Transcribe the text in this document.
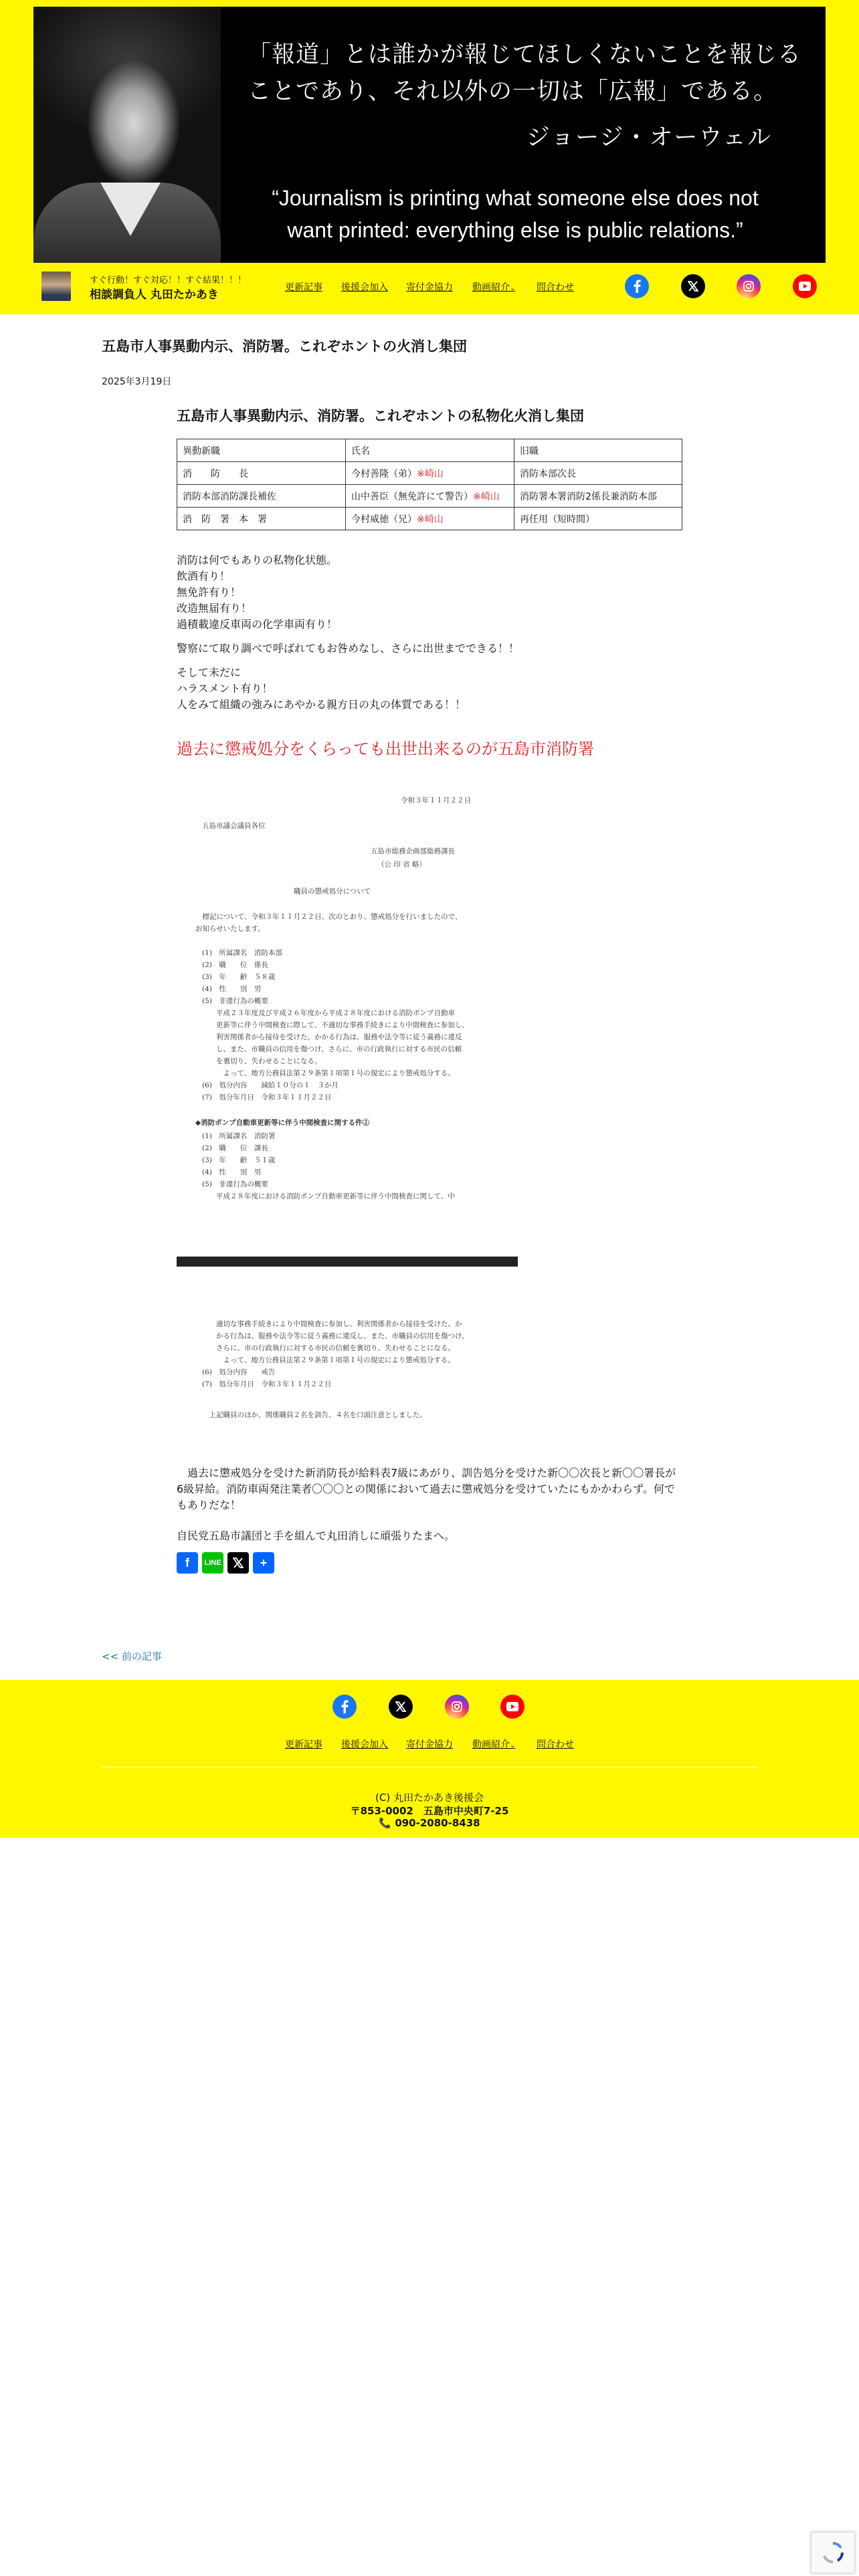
「報道」とは誰かが報じてほしくないことを報じる
ことであり、それ以外の一切は「広報」である。
ジョージ・オーウェル
“Journalism is printing what someone else does not
want printed: everything else is public relations.”
すぐ行動！すぐ対応！！すぐ結果！！！
相談調負人 丸田たかあき
更新記事 後援会加入 寄付金協力 動画紹介⌄ 問合わせ
五島市人事異動内示、消防署。これぞホントの火消し集団
2025年3月19日
五島市人事異動内示、消防署。これぞホントの私物化火消し集団
異動新職	氏名	旧職
消　　防　　長	今村善隆（弟）※崎山	消防本部次長
消防本部消防課長補佐	山中善臣（無免許にて警告）※崎山	消防署本署消防2係長兼消防本部
消　防　署　本　署	今村威徳（兄）※崎山	再任用（短時間）

消防は何でもありの私物化状態。
飲酒有り！
無免許有り！
改造無届有り！
過積載違反車両の化学車両有り！

警察にて取り調べで呼ばれてもお咎めなし、さらに出世までできる！！

そして未だに
ハラスメント有り！
人をみて組織の強みにあやかる親方日の丸の体質である！！

過去に懲戒処分をくらっても出世出来るのが五島市消防署
令和３年１１月２２日
五島市議会議員各位
五島市総務企画部総務課長
（公 印 省 略）
職員の懲戒処分について
　標記について、令和３年１１月２２日、次のとおり、懲戒処分を行いましたので、
お知らせいたします。
(1)　所属課名　消防本部
(2)　職　　位　係長
(3)　年　　齢　５８歳
(4)　性　　別　男
(5)　非違行為の概要
　　平成２３年度及び平成２６年度から平成２８年度における消防ポンプ自動車
　　更新等に伴う中間検査に際して、不適切な事務手続きにより中間検査に参加し、
　　利害関係者から接待を受けた。かかる行為は、服務や法令等に従う義務に違反
　　し、また、市職員の信用を傷つけ、さらに、市の行政執行に対する市民の信頼
　　を裏切り、失わせることになる。
　　　よって、地方公務員法第２９条第１項第１号の規定により懲戒処分する。
(6)　処分内容　　減給１０分の１　３か月
(7)　処分年月日　令和３年１１月２２日
◆消防ポンプ自動車更新等に伴う中間検査に関する件②
(1)　所属課名　消防署
(2)　職　　位　課長
(3)　年　　齢　５１歳
(4)　性　　別　男
(5)　非違行為の概要
　　平成２８年度における消防ポンプ自動車更新等に伴う中間検査に関して、中
　　適切な事務手続きにより中間検査に参加し、利害関係者から接待を受けた。か
　　かる行為は、服務や法令等に従う義務に違反し、また、市職員の信用を傷つけ、
　　さらに、市の行政執行に対する市民の信頼を裏切り、失わせることになる。
　　　よって、地方公務員法第２９条第１項第１号の規定により懲戒処分する。
(6)　処分内容　　戒告
(7)　処分年月日　令和３年１１月２２日
　上記職員のほか、関係職員２名を訓告、４名を口頭注意としました。

　過去に懲戒処分を受けた新消防長が給料表7級にあがり、訓告処分を受けた新〇〇次長と新〇〇署長が6級昇給。消防車両発注業者〇〇〇との関係において過去に懲戒処分を受けていたにもかかわらず。何でもありだな！

自民党五島市議団と手を組んで丸田消しに頑張りたまへ。

f	LINE	+
<< 前の記事
更新記事 後援会加入 寄付金協力 動画紹介⌄ 問合わせ
(C) 丸田たかあき後援会
〒853-0002　五島市中央町7-25
📞 090-2080-8438
